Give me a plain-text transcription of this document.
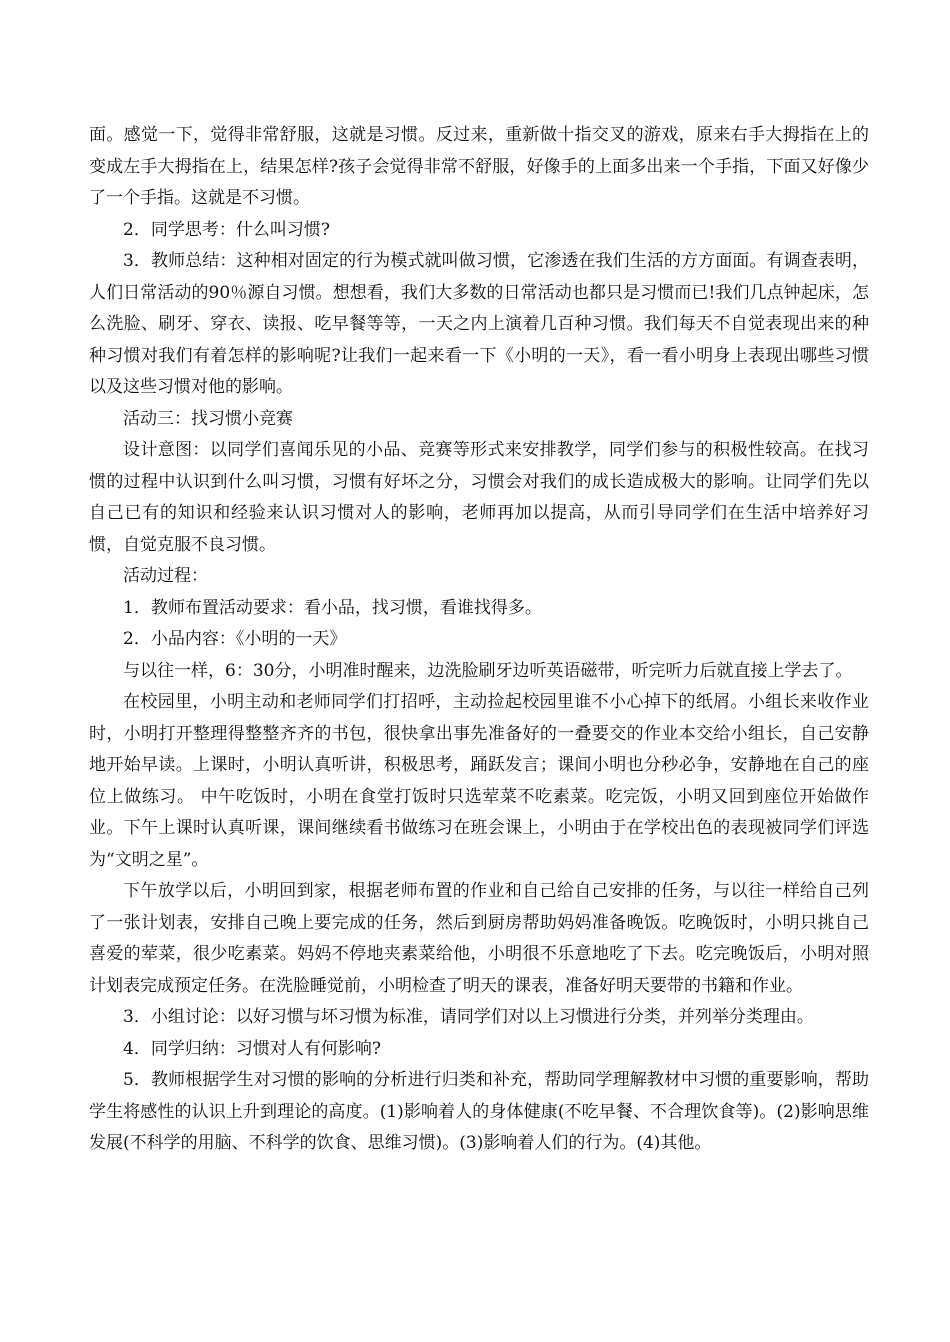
面。感觉一下，觉得非常舒服，这就是习惯。反过来，重新做十指交叉的游戏，原来右手大拇指在上的变成左手大拇指在上，结果怎样?孩子会觉得非常不舒服，好像手的上面多出来一个手指，下面又好像少了一个手指。这就是不习惯。

2．同学思考：什么叫习惯?

3．教师总结：这种相对固定的行为模式就叫做习惯，它渗透在我们生活的方方面面。有调查表明，人们日常活动的90％源自习惯。想想看，我们大多数的日常活动也都只是习惯而已!我们几点钟起床，怎么洗脸、刷牙、穿衣、读报、吃早餐等等，一天之内上演着几百种习惯。我们每天不自觉表现出来的种种习惯对我们有着怎样的影响呢?让我们一起来看一下《小明的一天》，看一看小明身上表现出哪些习惯以及这些习惯对他的影响。

活动三：找习惯小竞赛

设计意图：以同学们喜闻乐见的小品、竞赛等形式来安排教学，同学们参与的积极性较高。在找习惯的过程中认识到什么叫习惯，习惯有好坏之分，习惯会对我们的成长造成极大的影响。让同学们先以自己已有的知识和经验来认识习惯对人的影响，老师再加以提高，从而引导同学们在生活中培养好习惯，自觉克服不良习惯。

活动过程：

1．教师布置活动要求：看小品，找习惯，看谁找得多。

2．小品内容：《小明的一天》

与以往一样，6：30分，小明准时醒来，边洗脸刷牙边听英语磁带，听完听力后就直接上学去了。

在校园里，小明主动和老师同学们打招呼，主动捡起校园里谁不小心掉下的纸屑。小组长来收作业时，小明打开整理得整整齐齐的书包，很快拿出事先准备好的一叠要交的作业本交给小组长，自己安静地开始早读。上课时，小明认真听讲，积极思考，踊跃发言；课间小明也分秒必争，安静地在自己的座位上做练习。 中午吃饭时，小明在食堂打饭时只选荤菜不吃素菜。吃完饭，小明又回到座位开始做作业。下午上课时认真听课，课间继续看书做练习在班会课上，小明由于在学校出色的表现被同学们评选为“文明之星”。

下午放学以后，小明回到家，根据老师布置的作业和自己给自己安排的任务，与以往一样给自己列了一张计划表，安排自己晚上要完成的任务，然后到厨房帮助妈妈准备晚饭。吃晚饭时，小明只挑自己喜爱的荤菜，很少吃素菜。妈妈不停地夹素菜给他，小明很不乐意地吃了下去。吃完晚饭后，小明对照计划表完成预定任务。在洗脸睡觉前，小明检查了明天的课表，准备好明天要带的书籍和作业。

3．小组讨论：以好习惯与坏习惯为标准，请同学们对以上习惯进行分类，并列举分类理由。

4．同学归纳：习惯对人有何影响?

5．教师根据学生对习惯的影响的分析进行归类和补充，帮助同学理解教材中习惯的重要影响，帮助学生将感性的认识上升到理论的高度。(1)影响着人的身体健康(不吃早餐、不合理饮食等)。(2)影响思维发展(不科学的用脑、不科学的饮食、思维习惯)。(3)影响着人们的行为。(4)其他。
